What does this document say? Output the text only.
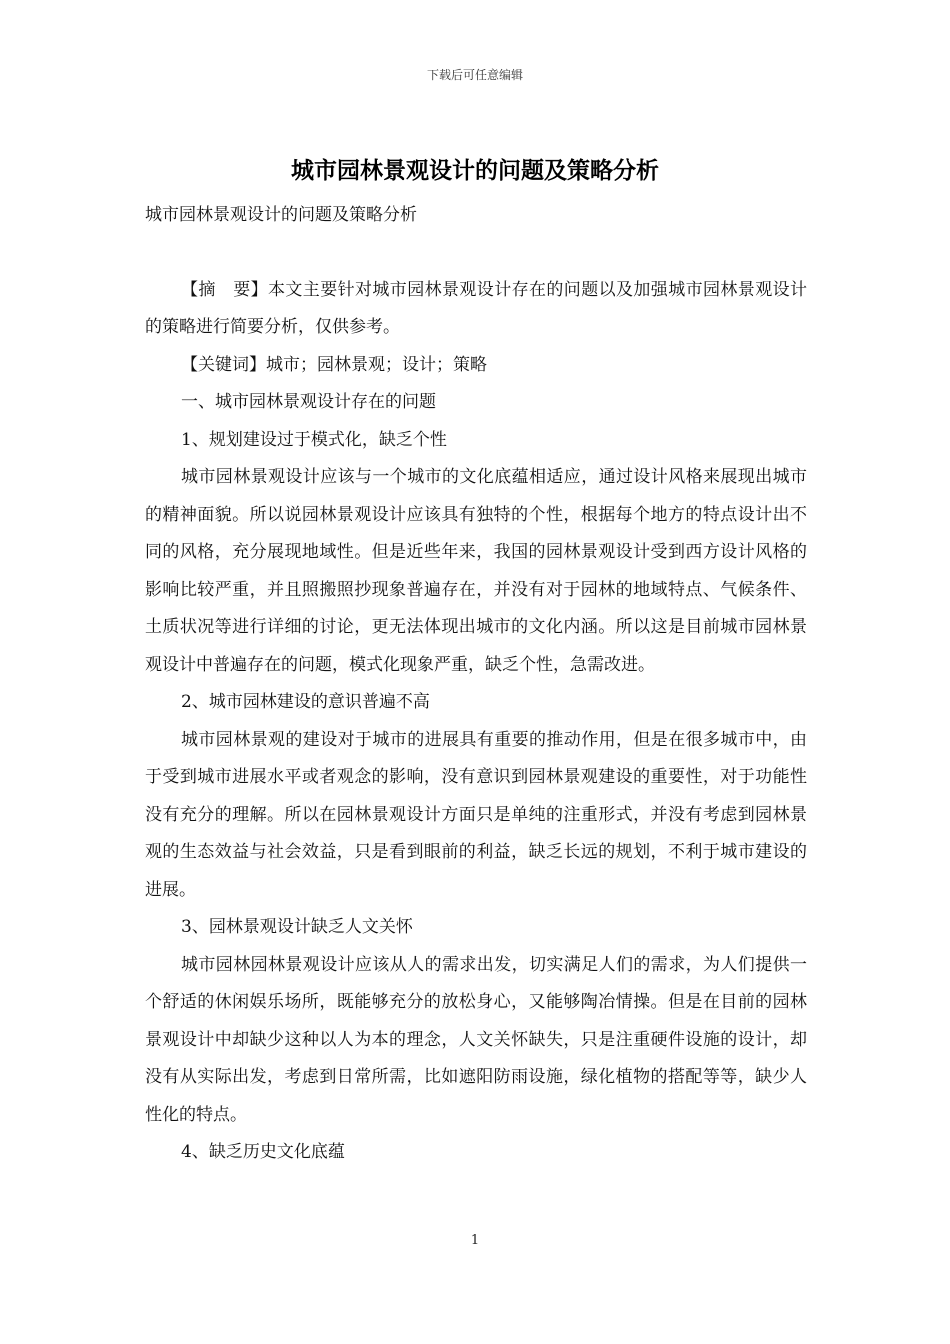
下载后可任意编辑
城市园林景观设计的问题及策略分析

城市园林景观设计的问题及策略分析

【摘　要】本文主要针对城市园林景观设计存在的问题以及加强城市园林景观设计的策略进行简要分析，仅供参考。

【关键词】城市；园林景观；设计；策略

一、城市园林景观设计存在的问题

1、规划建设过于模式化，缺乏个性

城市园林景观设计应该与一个城市的文化底蕴相适应，通过设计风格来展现出城市的精神面貌。所以说园林景观设计应该具有独特的个性，根据每个地方的特点设计出不同的风格，充分展现地域性。但是近些年来，我国的园林景观设计受到西方设计风格的影响比较严重，并且照搬照抄现象普遍存在，并没有对于园林的地域特点、气候条件、土质状况等进行详细的讨论，更无法体现出城市的文化内涵。所以这是目前城市园林景观设计中普遍存在的问题，模式化现象严重，缺乏个性，急需改进。

2、城市园林建设的意识普遍不高

城市园林景观的建设对于城市的进展具有重要的推动作用，但是在很多城市中，由于受到城市进展水平或者观念的影响，没有意识到园林景观建设的重要性，对于功能性没有充分的理解。所以在园林景观设计方面只是单纯的注重形式，并没有考虑到园林景观的生态效益与社会效益，只是看到眼前的利益，缺乏长远的规划，不利于城市建设的进展。

3、园林景观设计缺乏人文关怀

城市园林园林景观设计应该从人的需求出发，切实满足人们的需求，为人们提供一个舒适的休闲娱乐场所，既能够充分的放松身心，又能够陶冶情操。但是在目前的园林景观设计中却缺少这种以人为本的理念，人文关怀缺失，只是注重硬件设施的设计，却没有从实际出发，考虑到日常所需，比如遮阳防雨设施，绿化植物的搭配等等，缺少人性化的特点。

4、缺乏历史文化底蕴

1
